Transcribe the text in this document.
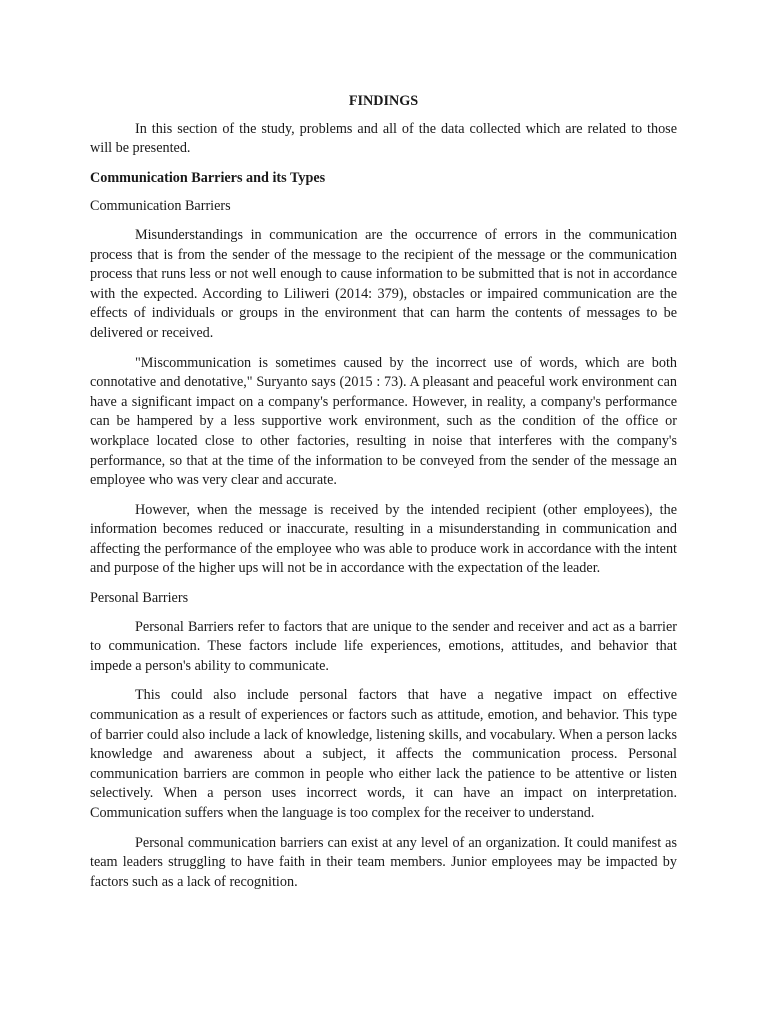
FINDINGS

In this section of the study, problems and all of the data collected which are related to those will be presented.

Communication Barriers and its Types
Communication Barriers

Misunderstandings in communication are the occurrence of errors in the communication process that is from the sender of the message to the recipient of the message or the communication process that runs less or not well enough to cause information to be submitted that is not in accordance with the expected. According to Liliweri (2014: 379), obstacles or impaired communication are the effects of individuals or groups in the environment that can harm the contents of messages to be delivered or received.

"Miscommunication is sometimes caused by the incorrect use of words, which are both connotative and denotative," Suryanto says (2015 : 73). A pleasant and peaceful work environment can have a significant impact on a company's performance. However, in reality, a company's performance can be hampered by a less supportive work environment, such as the condition of the office or workplace located close to other factories, resulting in noise that interferes with the company's performance, so that at the time of the information to be conveyed from the sender of the message an employee who was very clear and accurate.

However, when the message is received by the intended recipient (other employees), the information becomes reduced or inaccurate, resulting in a misunderstanding in communication and affecting the performance of the employee who was able to produce work in accordance with the intent and purpose of the higher ups will not be in accordance with the expectation of the leader.

Personal Barriers

Personal Barriers refer to factors that are unique to the sender and receiver and act as a barrier to communication. These factors include life experiences, emotions, attitudes, and behavior that impede a person's ability to communicate.

This could also include personal factors that have a negative impact on effective communication as a result of experiences or factors such as attitude, emotion, and behavior. This type of barrier could also include a lack of knowledge, listening skills, and vocabulary. When a person lacks knowledge and awareness about a subject, it affects the communication process. Personal communication barriers are common in people who either lack the patience to be attentive or listen selectively. When a person uses incorrect words, it can have an impact on interpretation. Communication suffers when the language is too complex for the receiver to understand.

Personal communication barriers can exist at any level of an organization. It could manifest as team leaders struggling to have faith in their team members. Junior employees may be impacted by factors such as a lack of recognition.
